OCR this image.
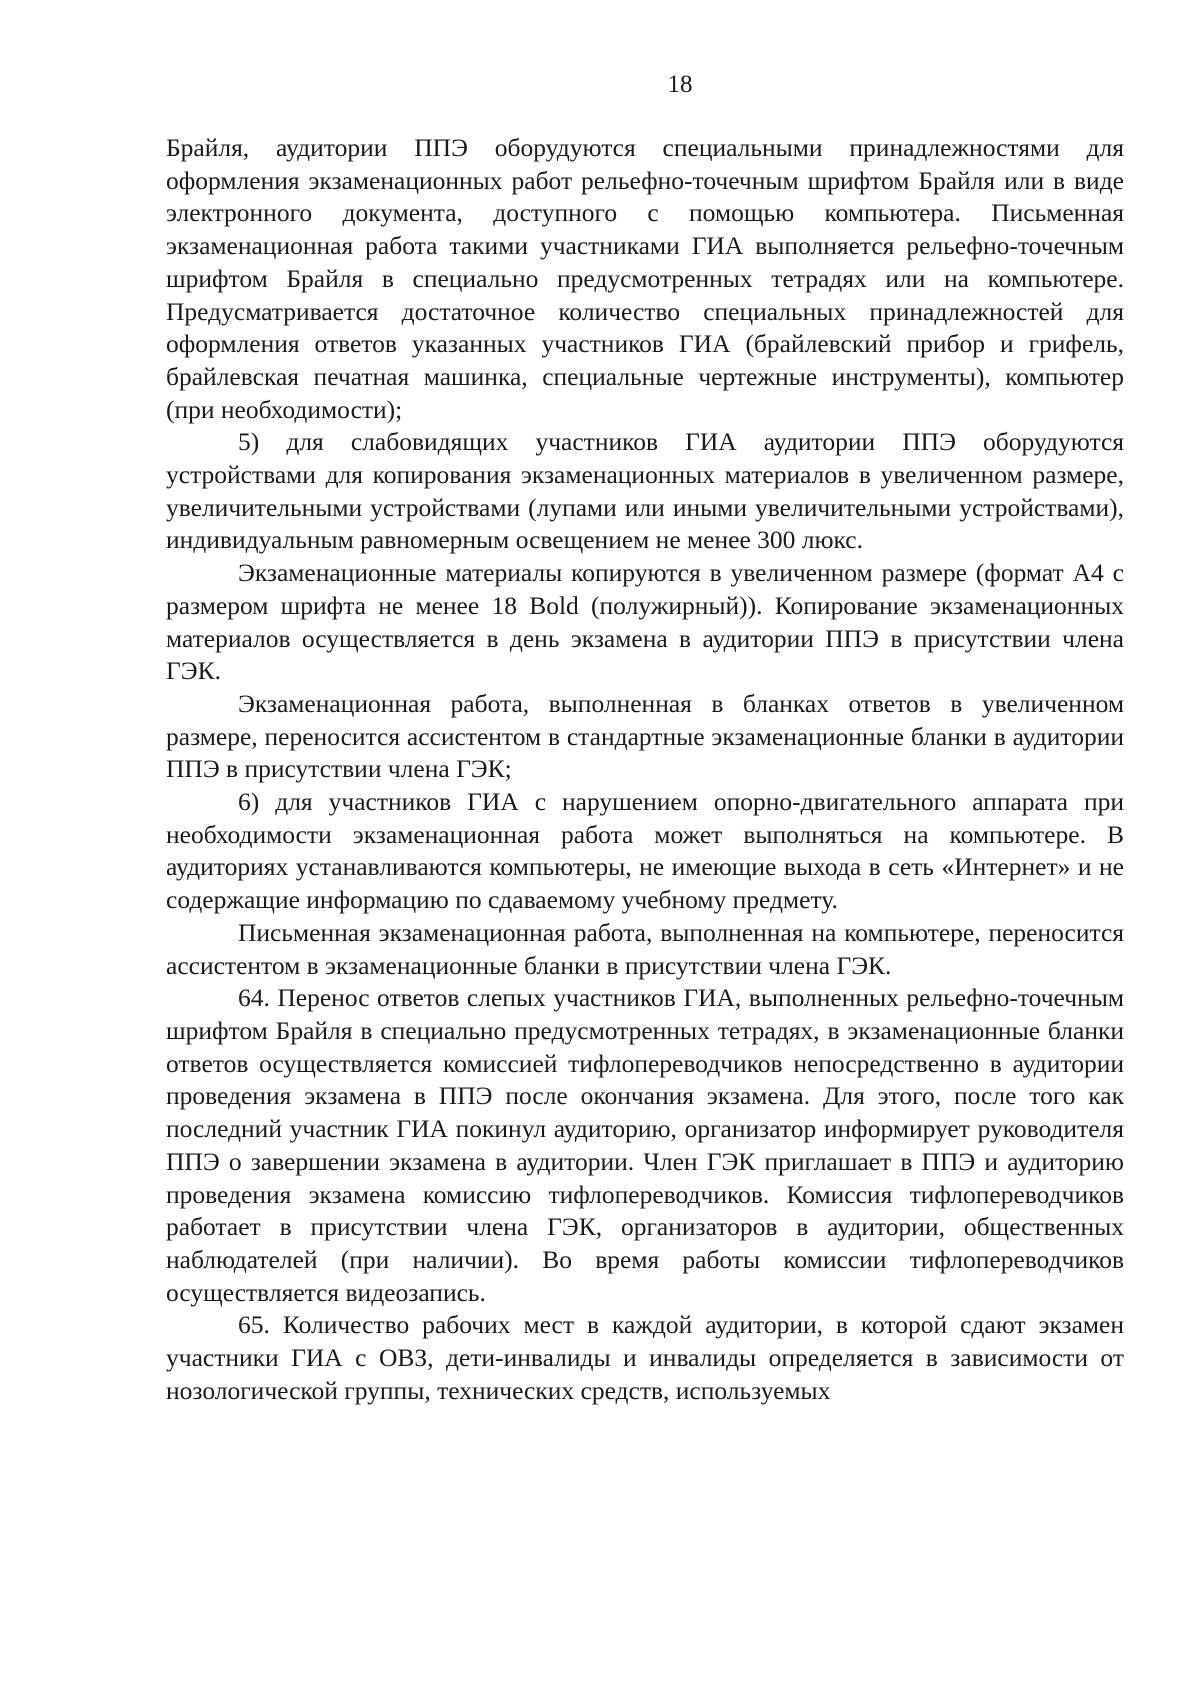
18

Брайля, аудитории ППЭ оборудуются специальными принадлежностями для оформления экзаменационных работ рельефно-точечным шрифтом Брайля или в виде электронного документа, доступного с помощью компьютера. Письменная экзаменационная работа такими участниками ГИА выполняется рельефно-точечным шрифтом Брайля в специально предусмотренных тетрадях или на компьютере. Предусматривается достаточное количество специальных принадлежностей для оформления ответов указанных участников ГИА (брайлевский прибор и грифель, брайлевская печатная машинка, специальные чертежные инструменты), компьютер (при необходимости);

5) для слабовидящих участников ГИА аудитории ППЭ оборудуются устройствами для копирования экзаменационных материалов в увеличенном размере, увеличительными устройствами (лупами или иными увеличительными устройствами), индивидуальным равномерным освещением не менее 300 люкс.

Экзаменационные материалы копируются в увеличенном размере (формат А4 с размером шрифта не менее 18 Bold (полужирный)). Копирование экзаменационных материалов осуществляется в день экзамена в аудитории ППЭ в присутствии члена ГЭК.

Экзаменационная работа, выполненная в бланках ответов в увеличенном размере, переносится ассистентом в стандартные экзаменационные бланки в аудитории ППЭ в присутствии члена ГЭК;

6) для участников ГИА с нарушением опорно-двигательного аппарата при необходимости экзаменационная работа может выполняться на компьютере. В аудиториях устанавливаются компьютеры, не имеющие выхода в сеть «Интернет» и не содержащие информацию по сдаваемому учебному предмету.

Письменная экзаменационная работа, выполненная на компьютере, переносится ассистентом в экзаменационные бланки в присутствии члена ГЭК.

64. Перенос ответов слепых участников ГИА, выполненных рельефно-точечным шрифтом Брайля в специально предусмотренных тетрадях, в экзаменационные бланки ответов осуществляется комиссией тифлопереводчиков непосредственно в аудитории проведения экзамена в ППЭ после окончания экзамена. Для этого, после того как последний участник ГИА покинул аудиторию, организатор информирует руководителя ППЭ о завершении экзамена в аудитории. Член ГЭК приглашает в ППЭ и аудиторию проведения экзамена комиссию тифлопереводчиков. Комиссия тифлопереводчиков работает в присутствии члена ГЭК, организаторов в аудитории, общественных наблюдателей (при наличии). Во время работы комиссии тифлопереводчиков осуществляется видеозапись.

65. Количество рабочих мест в каждой аудитории, в которой сдают экзамен участники ГИА с ОВЗ, дети-инвалиды и инвалиды определяется в зависимости от нозологической группы, технических средств, используемых
